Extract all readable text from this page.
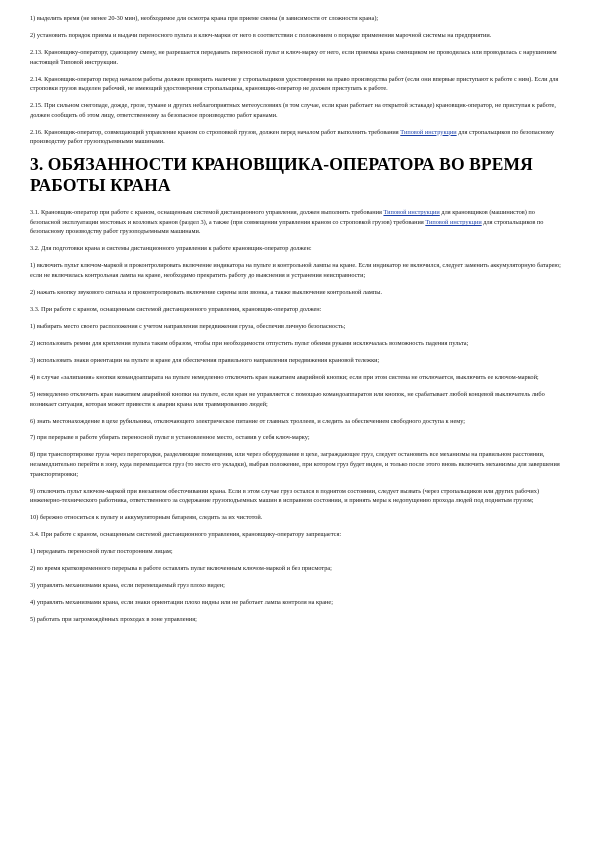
1) выделить время (не менее 20-30 мин), необходимое для осмотра крана при приеме смены (в зависимости от сложности крана);

2) установить порядок приема и выдачи переносного пульта и ключ-марки от него в соответствии с положением о порядке применения марочной системы на предприятии.

2.13. Крановщику-оператору, сдающему смену, не разрешается передавать переносной пульт и ключ-марку от него, если приемка крана сменщиком не проводилась или проводилась с нарушением настоящей Типовой инструкции.

2.14. Крановщик-оператор перед началом работы должен проверить наличие у стропальщиков удостоверения на право производства работ (если они впервые приступают к работе с ним). Если для строповки грузов выделен рабочий, не имеющий удостоверения стропальщика, крановщик-оператор не должен приступать к работе.

2.15. При сильном снегопаде, дожде, грозе, тумане и других неблагоприятных метеоусловиях (в том случае, если кран работает на открытой эстакаде) крановщик-оператор, не приступая к работе, должен сообщить об этом лицу, ответственному за безопасное производство работ кранами.

2.16. Крановщик-оператор, совмещающий управление краном со строповкой грузов, должен перед началом работ выполнить требования Типовой инструкции для стропальщиков по безопасному производству работ грузоподъемными машинами.

3. ОБЯЗАННОСТИ КРАНОВЩИКА-ОПЕРАТОРА ВО ВРЕМЯ РАБОТЫ КРАНА

3.1. Крановщик-оператор при работе с краном, оснащенным системой дистанционного управления, должен выполнять требования Типовой инструкции для крановщиков (машинистов) по безопасной эксплуатации мостовых и козловых кранов (раздел 3), а также (при совмещении управления краном со строповкой грузов) требования Типовой инструкции для стропальщиков по безопасному производству работ грузоподъемными машинами.

3.2. Для подготовки крана и системы дистанционного управления к работе крановщик-оператор должен:

1) включить пульт ключом-маркой и проконтролировать включение индикатора на пульте и контрольной лампы на кране. Если индикатор не включился, следует заменить аккумуляторную батарею; если не включилась контрольная лампа на кране, необходимо прекратить работу до выяснения и устранения неисправности;

2) нажать кнопку звукового сигнала и проконтролировать включение сирены или звонка, а также выключение контрольной лампы.

3.3. При работе с краном, оснащенным системой дистанционного управления, крановщик-оператор должен:

1) выбирать место своего расположения с учетом направления передвижения груза, обеспечив личную безопасность;

2) использовать ремни для крепления пульта таким образом, чтобы при необходимости отпустить пульт обеими руками исключалась возможность падения пульта;

3) использовать знаки ориентации на пульте и кране для обеспечения правильного направления передвижения крановой тележки;

4) в случае «залипания» кнопки командоаппарата на пульте немедленно отключить кран нажатием аварийной кнопки; если при этом система не отключается, выключить ее ключом-маркой;

5) немедленно отключить кран нажатием аварийной кнопки на пульте, если кран не управляется с помощью командоаппаратов или кнопок, не срабатывает любой концевой выключатель либо возникает ситуация, которая может привести к аварии крана или травмированию людей;

6) знать местонахождение в цехе рубильника, отключающего электрическое питание от главных троллеев, и следить за обеспечением свободного доступа к нему;

7) при перерыве в работе убирать переносной пульт в установленное место, оставив у себя ключ-марку;

8) при транспортировке груза через перегородки, разделяющие помещения, или через оборудование в цехе, заграждающее груз, следует остановить все механизмы на правильном расстоянии, незамедлительно перейти в зону, куда перемещается груз (то место его укладки), выбрав положение, при котором груз будет виден, и только после этого вновь включить механизмы для завершения транспортировки;

9) отключить пульт ключом-маркой при внезапном обесточивании крана. Если в этом случае груз остался в поднятом состоянии, следует вызвать (через стропальщиков или других рабочих) инженерно-технического работника, ответственного за содержание грузоподъемных машин в исправном состоянии, и принять меры к недопущению прохода людей под поднятым грузом;

10) бережно относиться к пульту и аккумуляторным батареям, следить за их чистотой.

3.4. При работе с краном, оснащенным системой дистанционного управления, крановщику-оператору запрещается:

1) передавать переносной пульт посторонним лицам;

2) во время кратковременного перерыва в работе оставлять пульт включенным ключом-маркой и без присмотра;

3) управлять механизмами крана, если перемещаемый груз плохо виден;

4) управлять механизмами крана, если знаки ориентации плохо видны или не работает лампа контроля на кране;

5) работать при загромождённых проходах в зоне управления;
